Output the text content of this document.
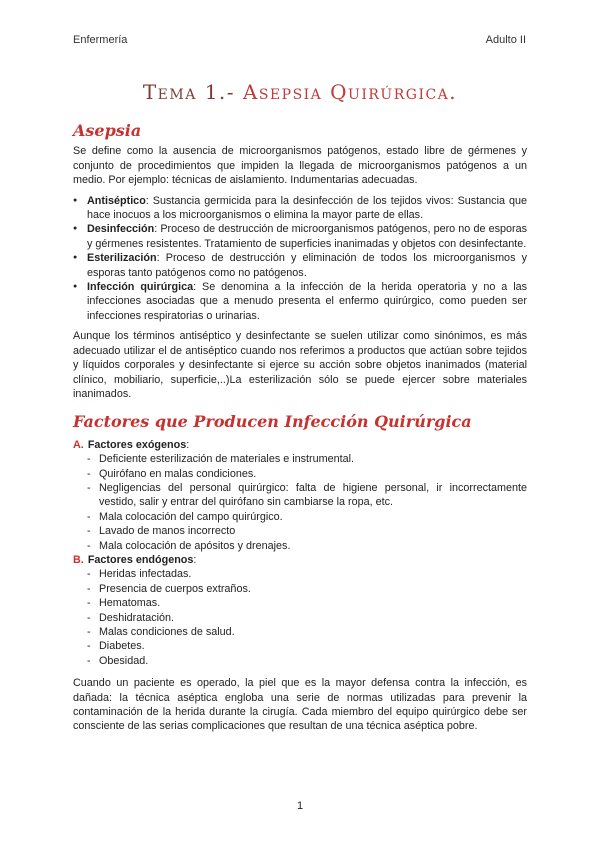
Enfermería	Adulto II
Tema 1.- Asepsia Quirúrgica.
Asepsia

Se define como la ausencia de microorganismos patógenos, estado libre de gérmenes y conjunto de procedimientos que impiden la llegada de microorganismos patógenos a un medio. Por ejemplo: técnicas de aislamiento. Indumentarias adecuadas.

● Antiséptico: Sustancia germicida para la desinfección de los tejidos vivos: Sustancia que hace inocuos a los microorganismos o elimina la mayor parte de ellas.
● Desinfección: Proceso de destrucción de microorganismos patógenos, pero no de esporas y gérmenes resistentes. Tratamiento de superficies inanimadas y objetos con desinfectante.
● Esterilización: Proceso de destrucción y eliminación de todos los microorganismos y esporas tanto patógenos como no patógenos.
● Infección quirúrgica: Se denomina a la infección de la herida operatoria y no a las infecciones asociadas que a menudo presenta el enfermo quirúrgico, como pueden ser infecciones respiratorias o urinarias.

Aunque los términos antiséptico y desinfectante se suelen utilizar como sinónimos, es más adecuado utilizar el de antiséptico cuando nos referimos a productos que actúan sobre tejidos y líquidos corporales y desinfectante si ejerce su acción sobre objetos inanimados (material clínico, mobiliario, superficie,..)La esterilización sólo se puede ejercer sobre materiales inanimados.

Factores que Producen Infección Quirúrgica
A. Factores exógenos:
- Deficiente esterilización de materiales e instrumental.
- Quirófano en malas condiciones.
- Negligencias del personal quirúrgico: falta de higiene personal, ir incorrectamente vestido, salir y entrar del quirófano sin cambiarse la ropa, etc.
- Mala colocación del campo quirúrgico.
- Lavado de manos incorrecto
- Mala colocación de apósitos y drenajes.
B. Factores endógenos:
- Heridas infectadas.
- Presencia de cuerpos extraños.
- Hematomas.
- Deshidratación.
- Malas condiciones de salud.
- Diabetes.
- Obesidad.

Cuando un paciente es operado, la piel que es la mayor defensa contra la infección, es dañada: la técnica aséptica engloba una serie de normas utilizadas para prevenir la contaminación de la herida durante la cirugía. Cada miembro del equipo quirúrgico debe ser consciente de las serias complicaciones que resultan de una técnica aséptica pobre.

1
